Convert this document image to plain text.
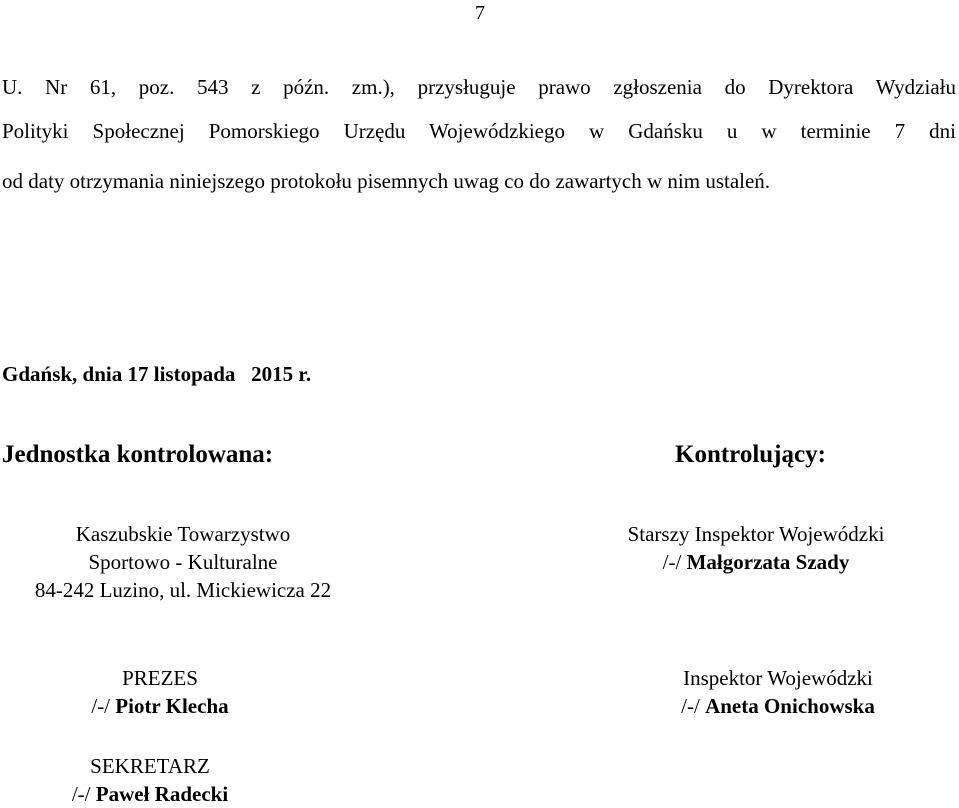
7
U. Nr 61, poz. 543 z późn. zm.), przysługuje prawo zgłoszenia do Dyrektora Wydziału
Polityki Społecznej Pomorskiego Urzędu Wojewódzkiego w Gdańsku u w terminie 7 dni
od daty otrzymania niniejszego protokołu pisemnych uwag co do zawartych w nim ustaleń.
Gdańsk, dnia 17 listopada   2015 r.
Jednostka kontrolowana:	Kontrolujący:
Kaszubskie Towarzystwo
Sportowo - Kulturalne
84-242 Luzino, ul. Mickiewicza 22
Starszy Inspektor Wojewódzki
/-/ Małgorzata Szady
PREZES
/-/ Piotr Klecha
Inspektor Wojewódzki
/-/ Aneta Onichowska
SEKRETARZ
/-/ Paweł Radecki
